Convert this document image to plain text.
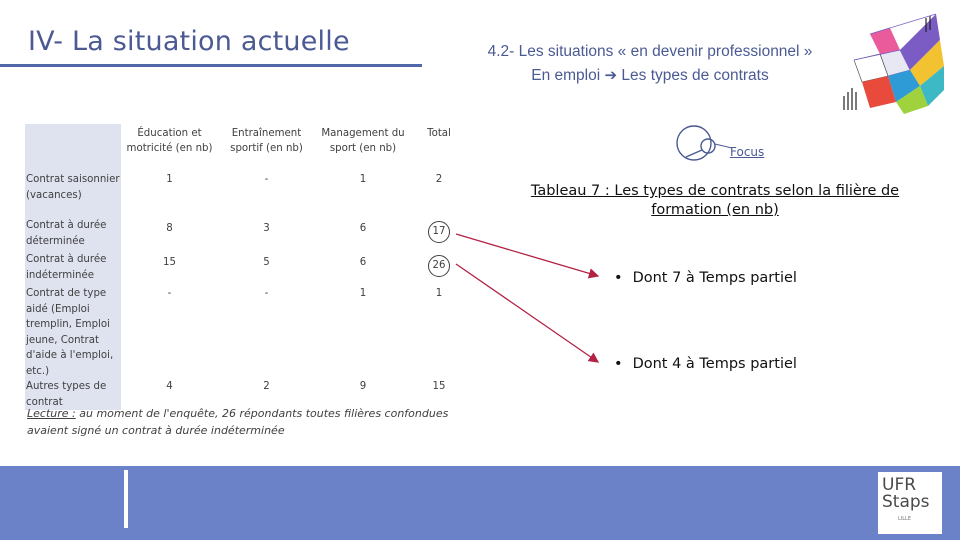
IV- La situation actuelle	4.2- Les situations « en devenir professionnel »
En emploi ➔ Les types de contrats
	Éducation et motricité (en nb)	Entraînement sportif (en nb)	Management du sport (en nb)	Total
Contrat saisonnier (vacances)	1	-	1	2
Contrat à durée déterminée	8	3	6	17
Contrat à durée indéterminée	15	5	6	26
Contrat de type aidé (Emploi tremplin, Emploi jeune, Contrat d'aide à l'emploi, etc.)	-	-	1	1
Autres types de contrat	4	2	9	15
Lecture : au moment de l'enquête, 26 répondants toutes filières confondues avaient signé un contrat à durée indéterminée
Focus
Tableau 7 : Les types de contrats selon la filière de formation (en nb)
• Dont 7 à Temps partiel
• Dont 4 à Temps partiel
UFR
Staps
LILLE
